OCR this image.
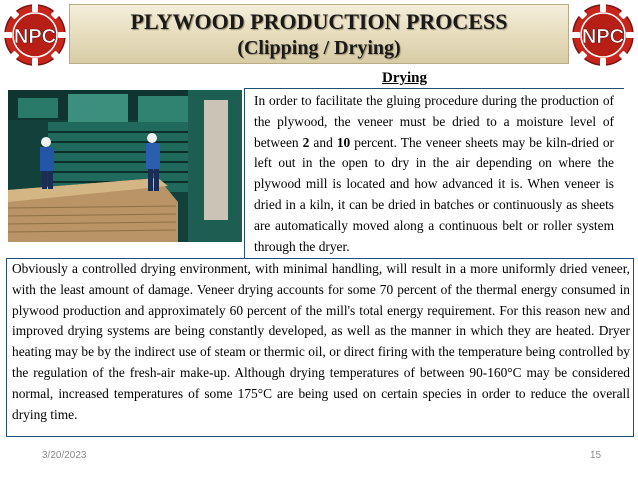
NPC
PLYWOOD PRODUCTION PROCESS
(Clipping / Drying)	NPC
Drying
In order to facilitate the gluing procedure during the production of the plywood, the veneer must be dried to a moisture level of between 2 and 10 percent. The veneer sheets may be kiln-dried or left out in the open to dry in the air depending on where the plywood mill is located and how advanced it is. When veneer is dried in a kiln, it can be dried in batches or continuously as sheets are automatically moved along a continuous belt or roller system through the dryer.
Obviously a controlled drying environment, with minimal handling, will result in a more uniformly dried veneer, with the least amount of damage. Veneer drying accounts for some 70 percent of the thermal energy consumed in plywood production and approximately 60 percent of the mill's total energy requirement. For this reason new and improved drying systems are being constantly developed, as well as the manner in which they are heated. Dryer heating may be by the indirect use of steam or thermic oil, or direct firing with the temperature being controlled by the regulation of the fresh-air make-up. Although drying temperatures of between 90-160°C may be considered normal, increased temperatures of some 175°C are being used on certain species in order to reduce the overall drying time.
3/20/2023	15
